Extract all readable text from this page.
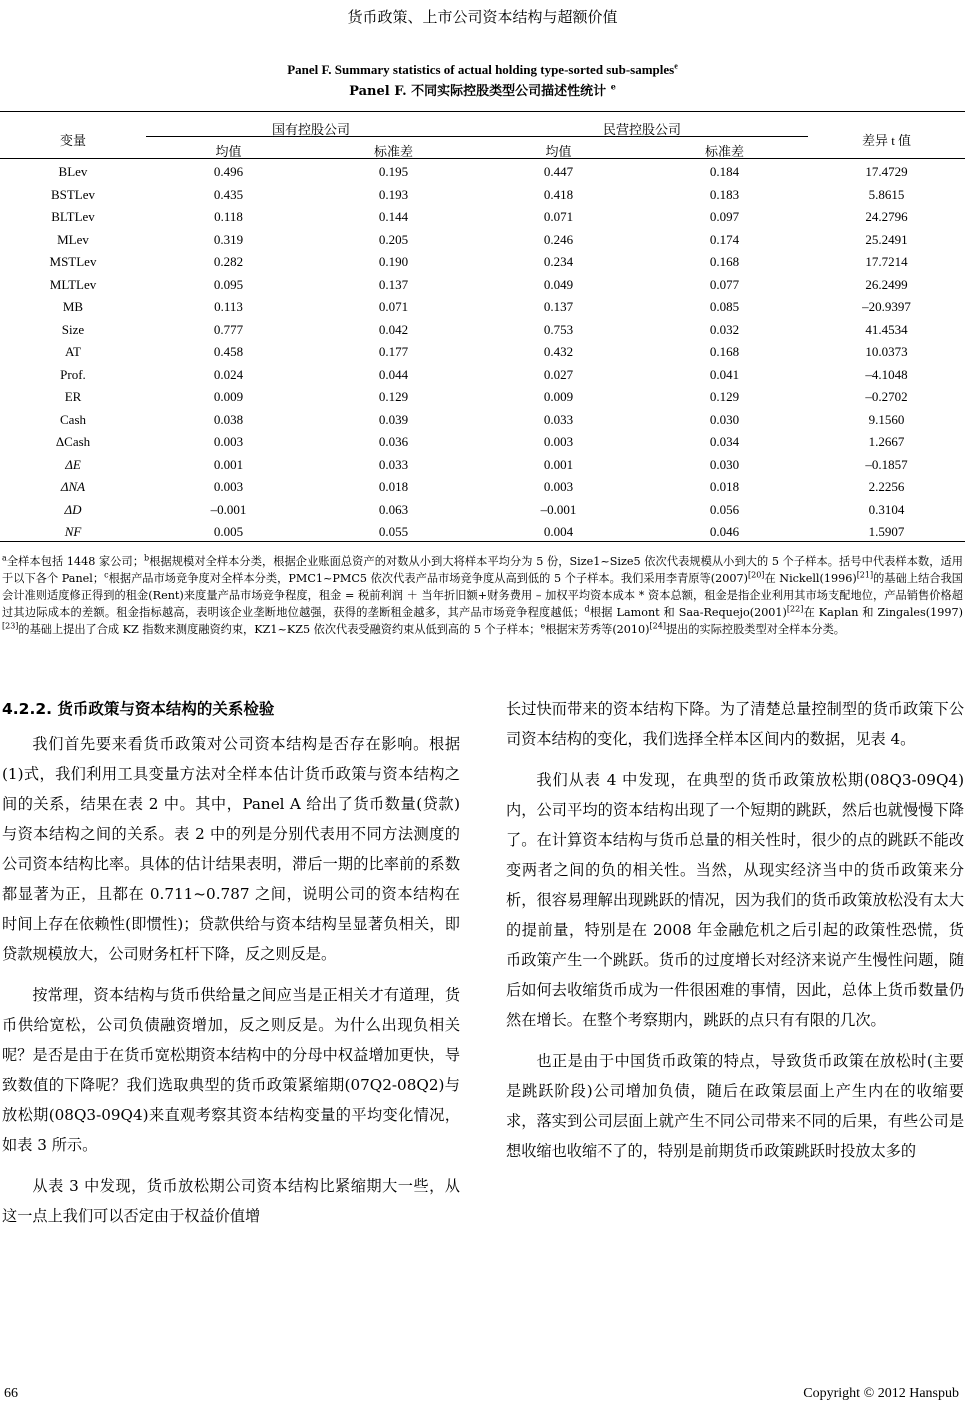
货币政策、上市公司资本结构与超额价值
Panel F. Summary statistics of actual holding type-sorted sub-samples$^e$
Panel F. 不同实际控股类型公司描述性统计 $^e$
变量	国有控股公司		民营控股公司		差异 t 值
	均值	标准差	均值	标准差	
BLev	0.496	0.195	0.447	0.184	17.4729
BSTLev	0.435	0.193	0.418	0.183	5.8615
BLTLev	0.118	0.144	0.071	0.097	24.2796
MLev	0.319	0.205	0.246	0.174	25.2491
MSTLev	0.282	0.190	0.234	0.168	17.7214
MLTLev	0.095	0.137	0.049	0.077	26.2499
MB	0.113	0.071	0.137	0.085	–20.9397
Size	0.777	0.042	0.753	0.032	41.4534
AT	0.458	0.177	0.432	0.168	10.0373
Prof.	0.024	0.044	0.027	0.041	–4.1048
ER	0.009	0.129	0.009	0.129	–0.2702
Cash	0.038	0.039	0.033	0.030	9.1560
ΔCash	0.003	0.036	0.003	0.034	1.2667
ΔE	0.001	0.033	0.001	0.030	–0.1857
ΔNA	0.003	0.018	0.003	0.018	2.2256
ΔD	–0.001	0.063	–0.001	0.056	0.3104
NF	0.005	0.055	0.004	0.046	1.5907
$^a$全样本包括 1448 家公司；$^b$根据规模对全样本分类，根据企业账面总资产的对数从小到大将样本平均分为 5 份，Size1~Size5 依次代表规模从小到大的 5 个子样本。括号中代表样本数，适用于以下各个 Panel；$^c$根据产品市场竞争度对全样本分类，PMC1~PMC5 依次代表产品市场竞争度从高到低的 5 个子样本。我们采用李青原等(2007)[20]在 Nickell(1996)[21]的基础上结合我国会计准则适度修正得到的租金(Rent)来度量产品市场竞争程度，租金 = 税前利润 ＋ 当年折旧额+财务费用 – 加权平均资本成本 * 资本总额，租金是指企业利用其市场支配地位，产品销售价格超过其边际成本的差额。租金指标越高，表明该企业垄断地位越强，获得的垄断租金越多，其产品市场竞争程度越低；$^d$根据 Lamont 和 Saa-Requejo(2001)[22]在 Kaplan 和 Zingales(1997)[23]的基础上提出了合成 KZ 指数来测度融资约束，KZ1~KZ5 依次代表受融资约束从低到高的 5 个子样本；$^e$根据宋芳秀等(2010)[24]提出的实际控股类型对全样本分类。
4.2.2. 货币政策与资本结构的关系检验

我们首先要来看货币政策对公司资本结构是否存在影响。根据(1)式，我们利用工具变量方法对全样本估计货币政策与资本结构之间的关系，结果在表 2 中。其中，Panel A 给出了货币数量(贷款)与资本结构之间的关系。表 2 中的列是分别代表用不同方法测度的公司资本结构比率。具体的估计结果表明，滞后一期的比率前的系数都显著为正，且都在 0.711~0.787 之间，说明公司的资本结构在时间上存在依赖性(即惯性)；贷款供给与资本结构呈显著负相关，即贷款规模放大，公司财务杠杆下降，反之则反是。

按常理，资本结构与货币供给量之间应当是正相关才有道理，货币供给宽松，公司负债融资增加，反之则反是。为什么出现负相关呢？是否是由于在货币宽松期资本结构中的分母中权益增加更快，导致数值的下降呢？我们选取典型的货币政策紧缩期(07Q2-08Q2)与放松期(08Q3-09Q4)来直观考察其资本结构变量的平均变化情况，如表 3 所示。

从表 3 中发现，货币放松期公司资本结构比紧缩期大一些，从这一点上我们可以否定由于权益价值增

长过快而带来的资本结构下降。为了清楚总量控制型的货币政策下公司资本结构的变化，我们选择全样本区间内的数据，见表 4。

我们从表 4 中发现，在典型的货币政策放松期(08Q3-09Q4)内，公司平均的资本结构出现了一个短期的跳跃，然后也就慢慢下降了。在计算资本结构与货币总量的相关性时，很少的点的跳跃不能改变两者之间的负的相关性。当然，从现实经济当中的货币政策来分析，很容易理解出现跳跃的情况，因为我们的货币政策放松没有太大的提前量，特别是在 2008 年金融危机之后引起的政策性恐慌，货币政策产生一个跳跃。货币的过度增长对经济来说产生慢性问题，随后如何去收缩货币成为一件很困难的事情，因此，总体上货币数量仍然在增长。在整个考察期内，跳跃的点只有有限的几次。

也正是由于中国货币政策的特点，导致货币政策在放松时(主要是跳跃阶段)公司增加负债，随后在政策层面上产生内在的收缩要求，落实到公司层面上就产生不同公司带来不同的后果，有些公司是想收缩也收缩不了的，特别是前期货币政策跳跃时投放太多的

66	Copyright © 2012 Hanspub
